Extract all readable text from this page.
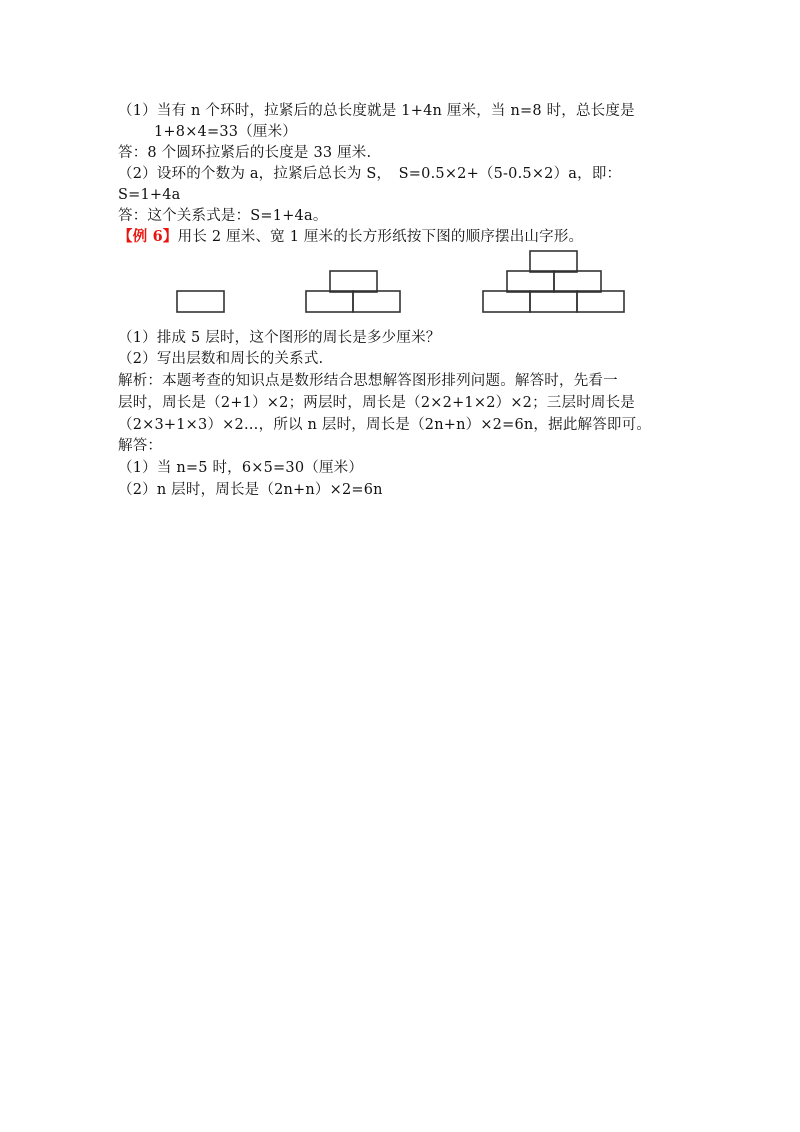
（1）当有 n 个环时，拉紧后的总长度就是 1+4n 厘米，当 n=8 时，总长度是
1+8×4=33（厘米）
答：8 个圆环拉紧后的长度是 33 厘米.
（2）设环的个数为 a，拉紧后总长为 S，　S=0.5×2+（5-0.5×2）a，即：
S=1+4a
答：这个关系式是：S=1+4a。
【例 6】用长 2 厘米、宽 1 厘米的长方形纸按下图的顺序摆出山字形。
（1）排成 5 层时，这个图形的周长是多少厘米？
（2）写出层数和周长的关系式.
解析：本题考查的知识点是数形结合思想解答图形排列问题。解答时，先看一
层时，周长是（2+1）×2；两层时，周长是（2×2+1×2）×2；三层时周长是
（2×3+1×3）×2…，所以 n 层时，周长是（2n+n）×2=6n，据此解答即可。
解答：
（1）当 n=5 时，6×5=30（厘米）
（2）n 层时，周长是（2n+n）×2=6n
